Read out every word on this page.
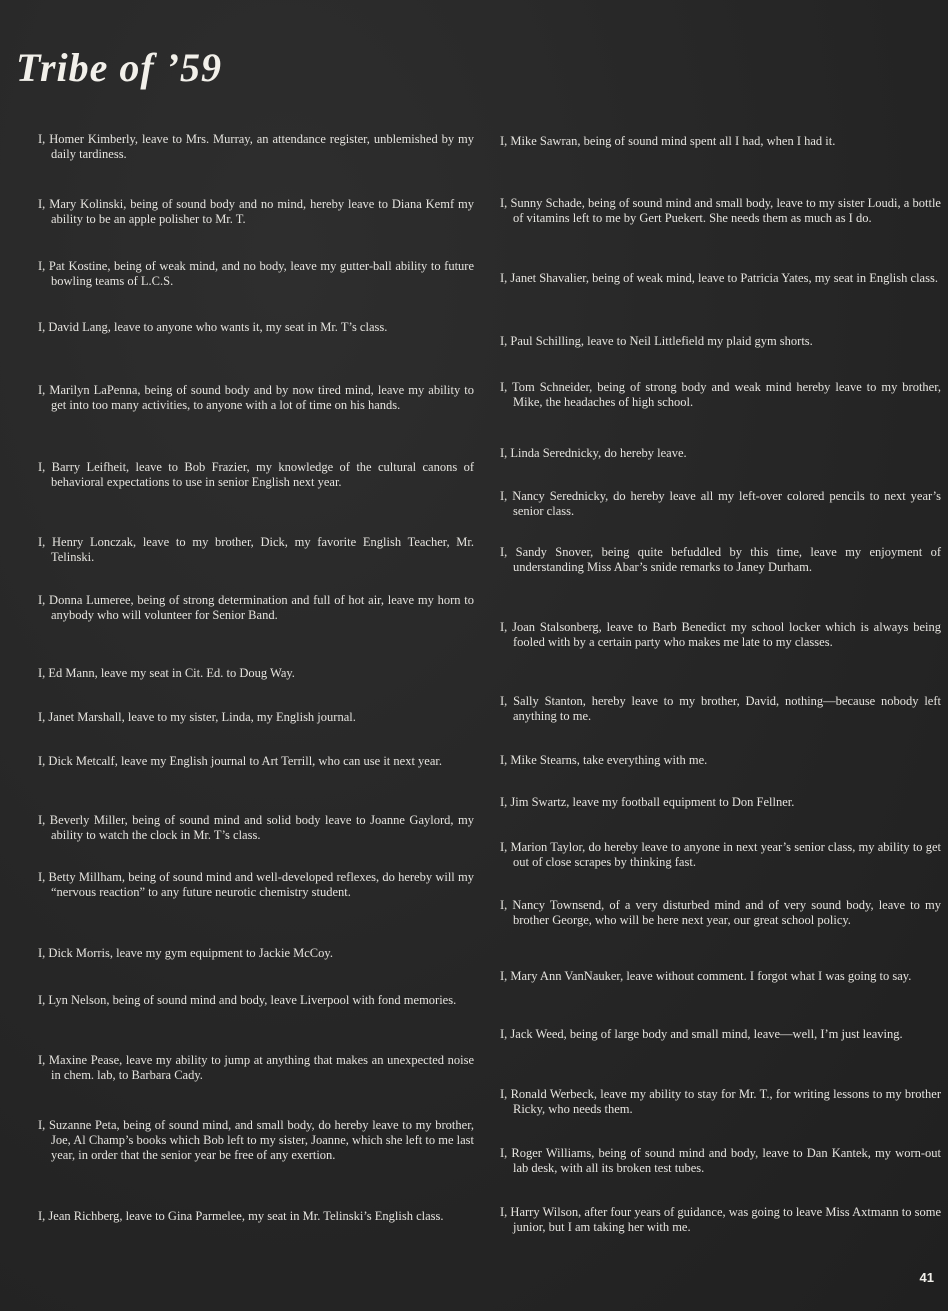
Tribe of ’59

I, Homer Kimberly, leave to Mrs. Murray, an attendance register, unblemished by my daily tardiness.

I, Mary Kolinski, being of sound body and no mind, hereby leave to Diana Kemf my ability to be an apple polisher to Mr. T.

I, Pat Kostine, being of weak mind, and no body, leave my gutter-ball ability to future bowling teams of L.C.S.

I, David Lang, leave to anyone who wants it, my seat in Mr. T’s class.

I, Marilyn LaPenna, being of sound body and by now tired mind, leave my ability to get into too many activities, to anyone with a lot of time on his hands.

I, Barry Leifheit, leave to Bob Frazier, my knowledge of the cultural canons of behavioral expectations to use in senior English next year.

I, Henry Lonczak, leave to my brother, Dick, my favorite English Teacher, Mr. Telinski.

I, Donna Lumeree, being of strong determination and full of hot air, leave my horn to anybody who will volunteer for Senior Band.

I, Ed Mann, leave my seat in Cit. Ed. to Doug Way.

I, Janet Marshall, leave to my sister, Linda, my English journal.

I, Dick Metcalf, leave my English journal to Art Terrill, who can use it next year.

I, Beverly Miller, being of sound mind and solid body leave to Joanne Gaylord, my ability to watch the clock in Mr. T’s class.

I, Betty Millham, being of sound mind and well-developed reflexes, do hereby will my “nervous reaction” to any future neurotic chemistry student.

I, Dick Morris, leave my gym equipment to Jackie McCoy.

I, Lyn Nelson, being of sound mind and body, leave Liverpool with fond memories.

I, Maxine Pease, leave my ability to jump at anything that makes an unexpected noise in chem. lab, to Barbara Cady.

I, Suzanne Peta, being of sound mind, and small body, do hereby leave to my brother, Joe, Al Champ’s books which Bob left to my sister, Joanne, which she left to me last year, in order that the senior year be free of any exertion.

I, Jean Richberg, leave to Gina Parmelee, my seat in Mr. Telinski’s English class.

I, Mike Sawran, being of sound mind spent all I had, when I had it.

I, Sunny Schade, being of sound mind and small body, leave to my sister Loudi, a bottle of vitamins left to me by Gert Puekert. She needs them as much as I do.

I, Janet Shavalier, being of weak mind, leave to Patricia Yates, my seat in English class.

I, Paul Schilling, leave to Neil Littlefield my plaid gym shorts.

I, Tom Schneider, being of strong body and weak mind hereby leave to my brother, Mike, the headaches of high school.

I, Linda Serednicky, do hereby leave.

I, Nancy Serednicky, do hereby leave all my left-over colored pencils to next year’s senior class.

I, Sandy Snover, being quite befuddled by this time, leave my enjoyment of understanding Miss Abar’s snide remarks to Janey Durham.

I, Joan Stalsonberg, leave to Barb Benedict my school locker which is always being fooled with by a certain party who makes me late to my classes.

I, Sally Stanton, hereby leave to my brother, David, nothing—because nobody left anything to me.

I, Mike Stearns, take everything with me.

I, Jim Swartz, leave my football equipment to Don Fellner.

I, Marion Taylor, do hereby leave to anyone in next year’s senior class, my ability to get out of close scrapes by thinking fast.

I, Nancy Townsend, of a very disturbed mind and of very sound body, leave to my brother George, who will be here next year, our great school policy.

I, Mary Ann VanNauker, leave without comment. I forgot what I was going to say.

I, Jack Weed, being of large body and small mind, leave—well, I’m just leaving.

I, Ronald Werbeck, leave my ability to stay for Mr. T., for writing lessons to my brother Ricky, who needs them.

I, Roger Williams, being of sound mind and body, leave to Dan Kantek, my worn-out lab desk, with all its broken test tubes.

I, Harry Wilson, after four years of guidance, was going to leave Miss Axtmann to some junior, but I am taking her with me.

41
